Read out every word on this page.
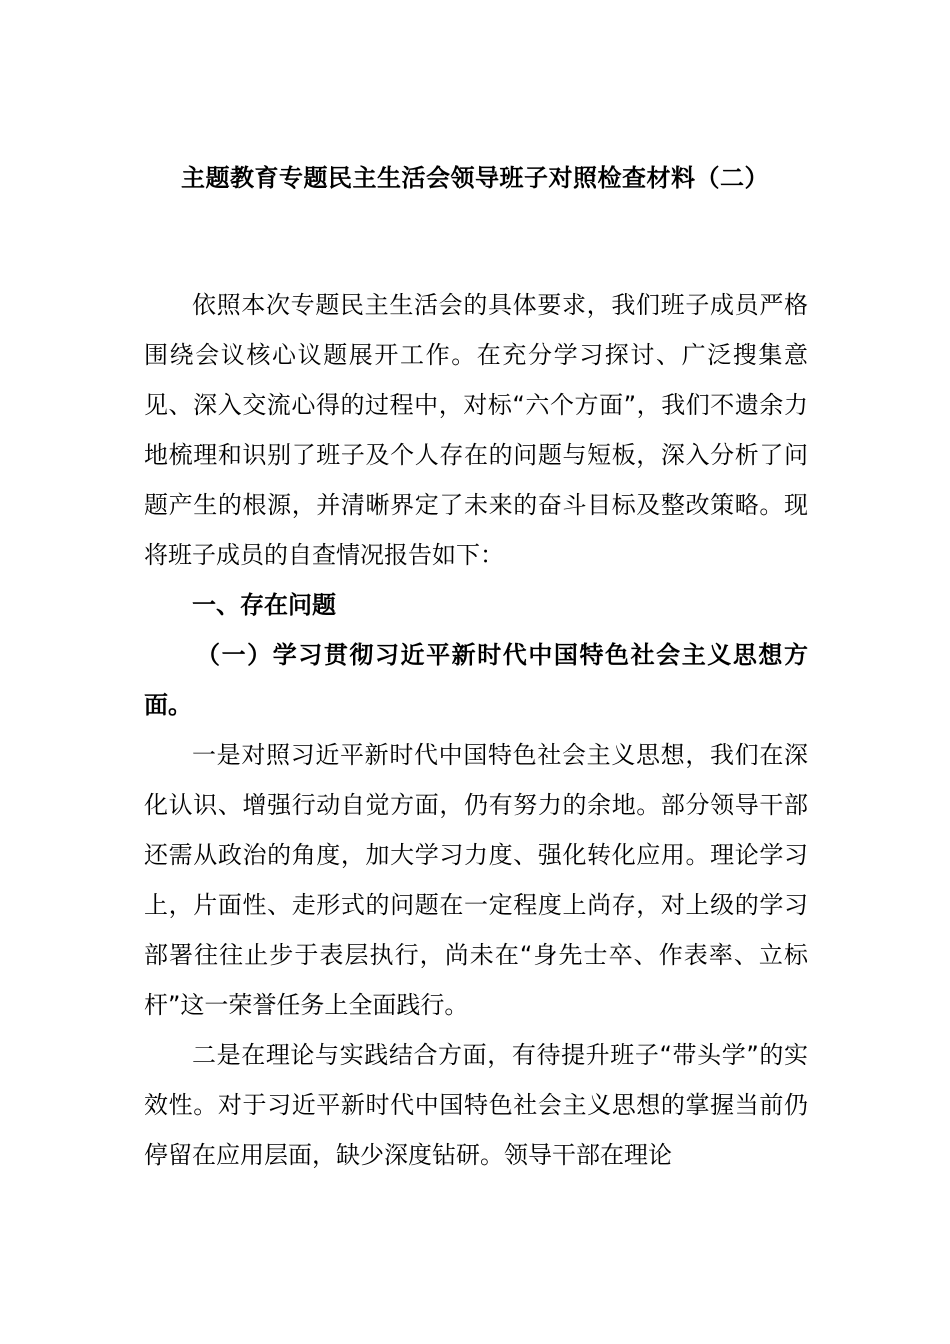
主题教育专题民主生活会领导班子对照检查材料（二）

依照本次专题民主生活会的具体要求，我们班子成员严格围绕会议核心议题展开工作。在充分学习探讨、广泛搜集意见、深入交流心得的过程中，对标“六个方面”，我们不遗余力地梳理和识别了班子及个人存在的问题与短板，深入分析了问题产生的根源，并清晰界定了未来的奋斗目标及整改策略。现将班子成员的自查情况报告如下：

一、存在问题

（一）学习贯彻习近平新时代中国特色社会主义思想方面。

一是对照习近平新时代中国特色社会主义思想，我们在深化认识、增强行动自觉方面，仍有努力的余地。部分领导干部还需从政治的角度，加大学习力度、强化转化应用。理论学习上，片面性、走形式的问题在一定程度上尚存，对上级的学习部署往往止步于表层执行，尚未在“身先士卒、作表率、立标杆”这一荣誉任务上全面践行。

二是在理论与实践结合方面，有待提升班子“带头学”的实效性。对于习近平新时代中国特色社会主义思想的掌握当前仍停留在应用层面，缺少深度钻研。领导干部在理论
